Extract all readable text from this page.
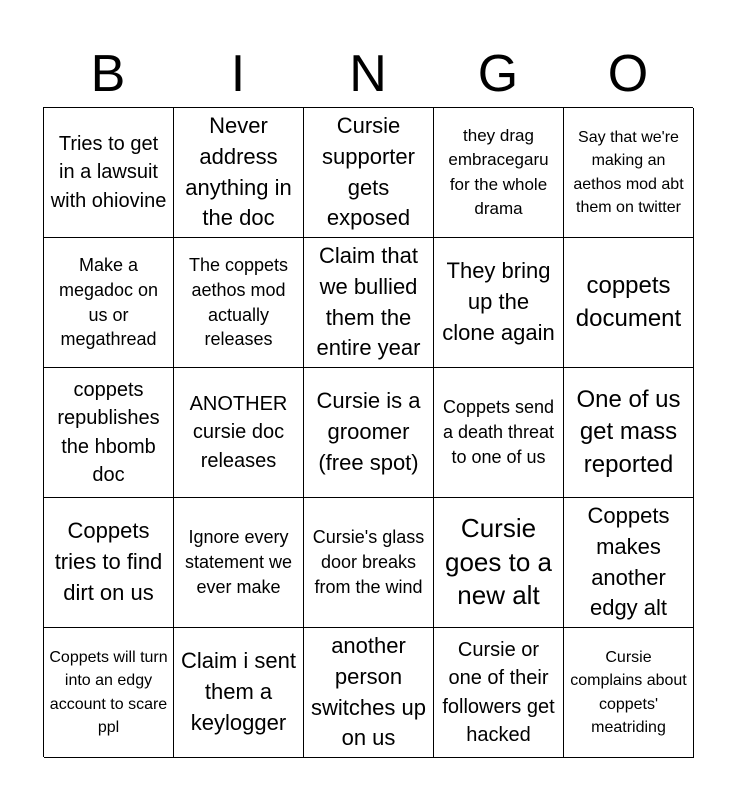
B	I	N	G	O
Tries to get in a lawsuit with ohiovine
Never address anything in the doc
Cursie supporter gets exposed
they drag embracegaru for the whole drama
Say that we're making an aethos mod abt them on twitter
Make a megadoc on us or megathread
The coppets aethos mod actually releases
Claim that we bullied them the entire year
They bring up the clone again
coppets document
coppets republishes the hbomb doc
ANOTHER cursie doc releases
Cursie is a groomer (free spot)
Coppets send a death threat to one of us
One of us get mass reported
Coppets tries to find dirt on us
Ignore every statement we ever make
Cursie's glass door breaks from the wind
Cursie goes to a new alt
Coppets makes another edgy alt
Coppets will turn into an edgy account to scare ppl
Claim i sent them a keylogger
another person switches up on us
Cursie or one of their followers get hacked
Cursie complains about coppets' meatriding
